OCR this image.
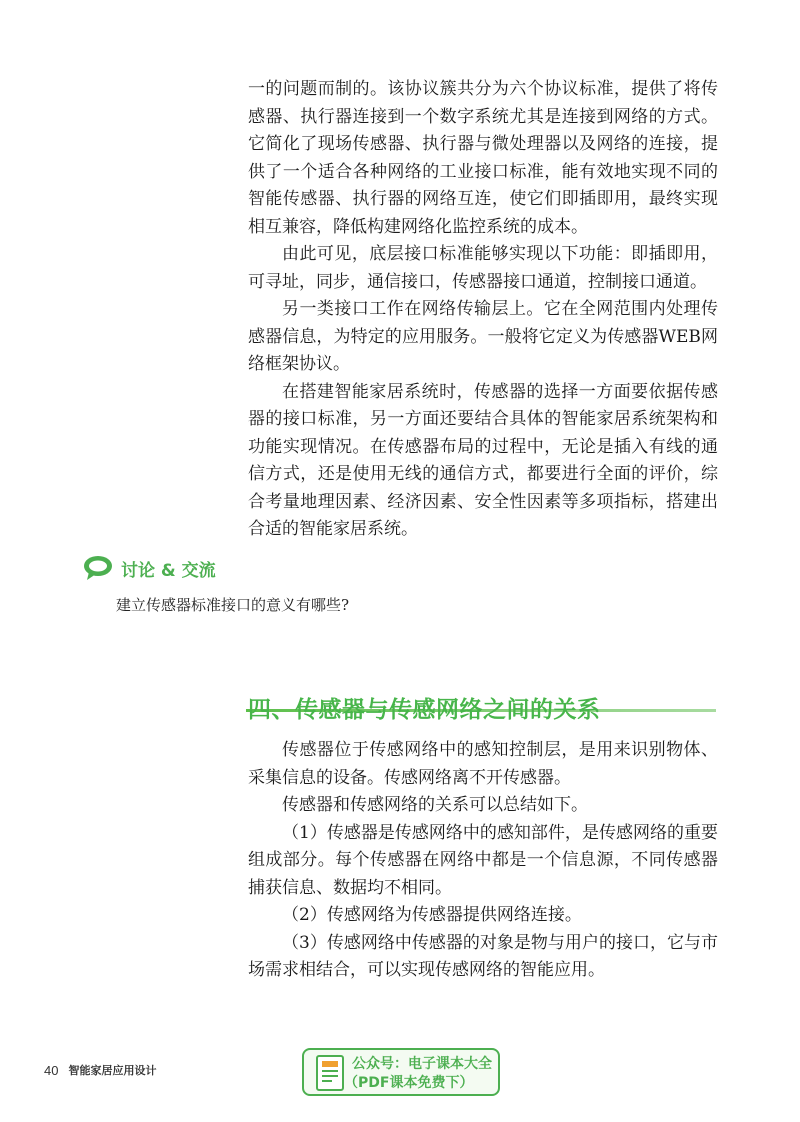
一的问题而制的。该协议簇共分为六个协议标准，提供了将传感器、执行器连接到一个数字系统尤其是连接到网络的方式。它简化了现场传感器、执行器与微处理器以及网络的连接，提供了一个适合各种网络的工业接口标准，能有效地实现不同的智能传感器、执行器的网络互连，使它们即插即用，最终实现相互兼容，降低构建网络化监控系统的成本。

由此可见，底层接口标准能够实现以下功能：即插即用，可寻址，同步，通信接口，传感器接口通道，控制接口通道。

另一类接口工作在网络传输层上。它在全网范围内处理传感器信息，为特定的应用服务。一般将它定义为传感器WEB网络框架协议。

在搭建智能家居系统时，传感器的选择一方面要依据传感器的接口标准，另一方面还要结合具体的智能家居系统架构和功能实现情况。在传感器布局的过程中，无论是插入有线的通信方式，还是使用无线的通信方式，都要进行全面的评价，综合考量地理因素、经济因素、安全性因素等多项指标，搭建出合适的智能家居系统。

讨论 & 交流

建立传感器标准接口的意义有哪些?

四、传感器与传感网络之间的关系

传感器位于传感网络中的感知控制层，是用来识别物体、采集信息的设备。传感网络离不开传感器。

传感器和传感网络的关系可以总结如下。

（1）传感器是传感网络中的感知部件，是传感网络的重要组成部分。每个传感器在网络中都是一个信息源，不同传感器捕获信息、数据均不相同。

（2）传感网络为传感器提供网络连接。

（3）传感网络中传感器的对象是物与用户的接口，它与市场需求相结合，可以实现传感网络的智能应用。

40 智能家居应用设计	公众号：电子课本大全
（PDF课本免费下）
